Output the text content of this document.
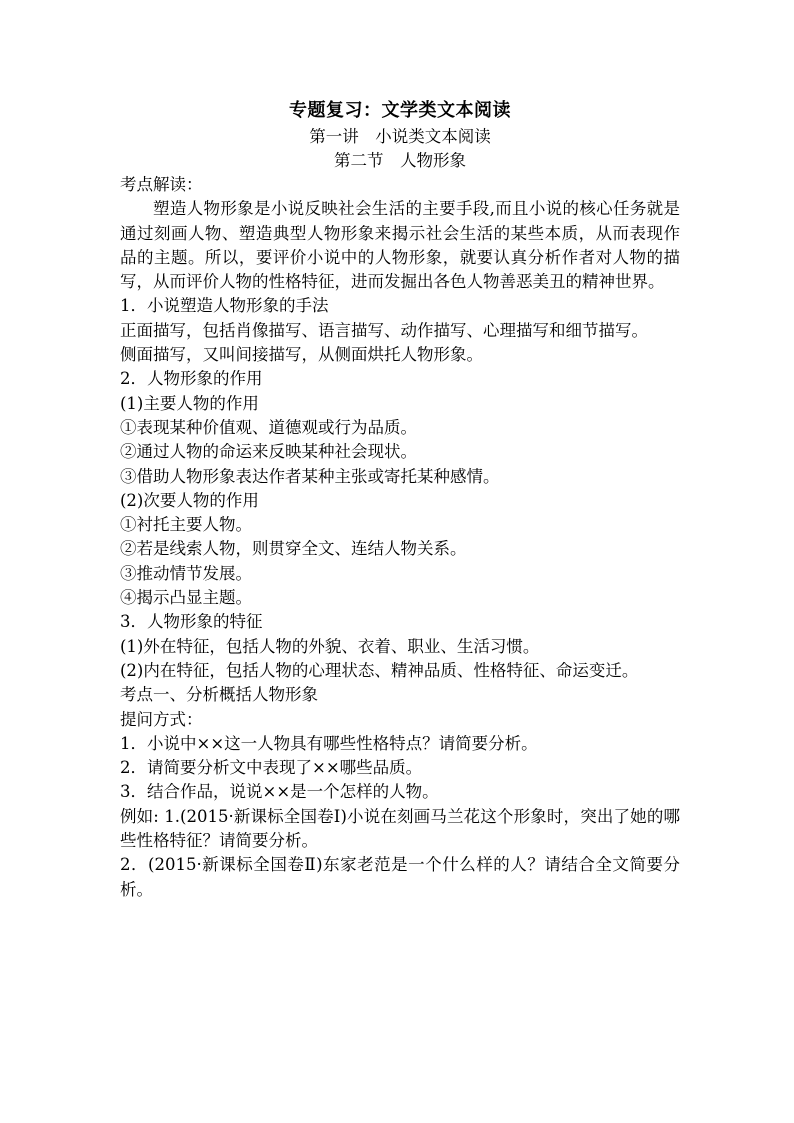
专题复习：文学类文本阅读
第一讲　小说类文本阅读
第二节　人物形象
考点解读：
塑造人物形象是小说反映社会生活的主要手段,而且小说的核心任务就是通过刻画人物、塑造典型人物形象来揭示社会生活的某些本质，从而表现作品的主题。所以，要评价小说中的人物形象，就要认真分析作者对人物的描写，从而评价人物的性格特征，进而发掘出各色人物善恶美丑的精神世界。
1．小说塑造人物形象的手法
正面描写，包括肖像描写、语言描写、动作描写、心理描写和细节描写。
侧面描写，又叫间接描写，从侧面烘托人物形象。
2．人物形象的作用
(1)主要人物的作用
①表现某种价值观、道德观或行为品质。
②通过人物的命运来反映某种社会现状。
③借助人物形象表达作者某种主张或寄托某种感情。
(2)次要人物的作用
①衬托主要人物。
②若是线索人物，则贯穿全文、连结人物关系。
③推动情节发展。
④揭示凸显主题。
3．人物形象的特征
(1)外在特征，包括人物的外貌、衣着、职业、生活习惯。
(2)内在特征，包括人物的心理状态、精神品质、性格特征、命运变迁。
考点一、分析概括人物形象
提问方式：
1．小说中××这一人物具有哪些性格特点？请简要分析。
2．请简要分析文中表现了××哪些品质。
3．结合作品，说说××是一个怎样的人物。
例如: 1.(2015·新课标全国卷Ⅰ)小说在刻画马兰花这个形象时，突出了她的哪些性格特征？请简要分析。
2．(2015·新课标全国卷Ⅱ)东家老范是一个什么样的人？请结合全文简要分析。
